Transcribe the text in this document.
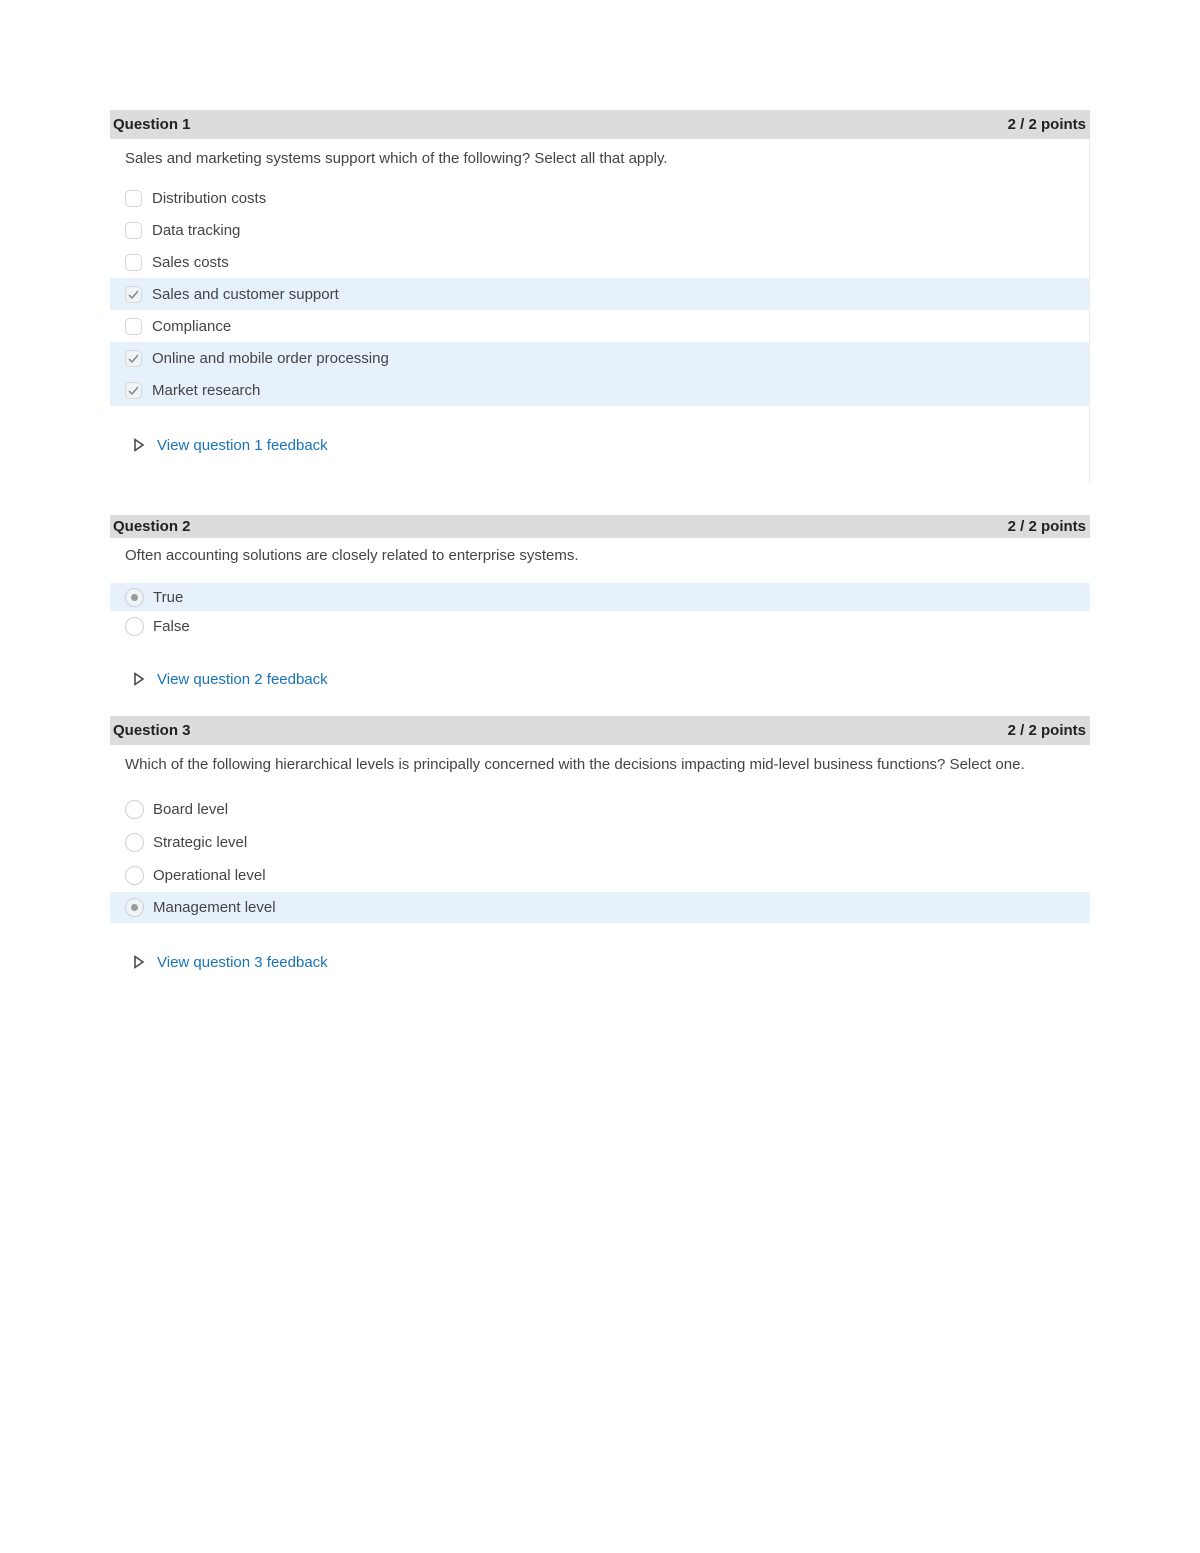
Question 1	2 / 2 points
Sales and marketing systems support which of the following? Select all that apply.
Distribution costs
Data tracking
Sales costs
Sales and customer support
Compliance
Online and mobile order processing
Market research
View question 1 feedback
Question 2	2 / 2 points
Often accounting solutions are closely related to enterprise systems.
True
False
View question 2 feedback
Question 3	2 / 2 points
Which of the following hierarchical levels is principally concerned with the decisions impacting mid-level business functions? Select one.
Board level
Strategic level
Operational level
Management level
View question 3 feedback
